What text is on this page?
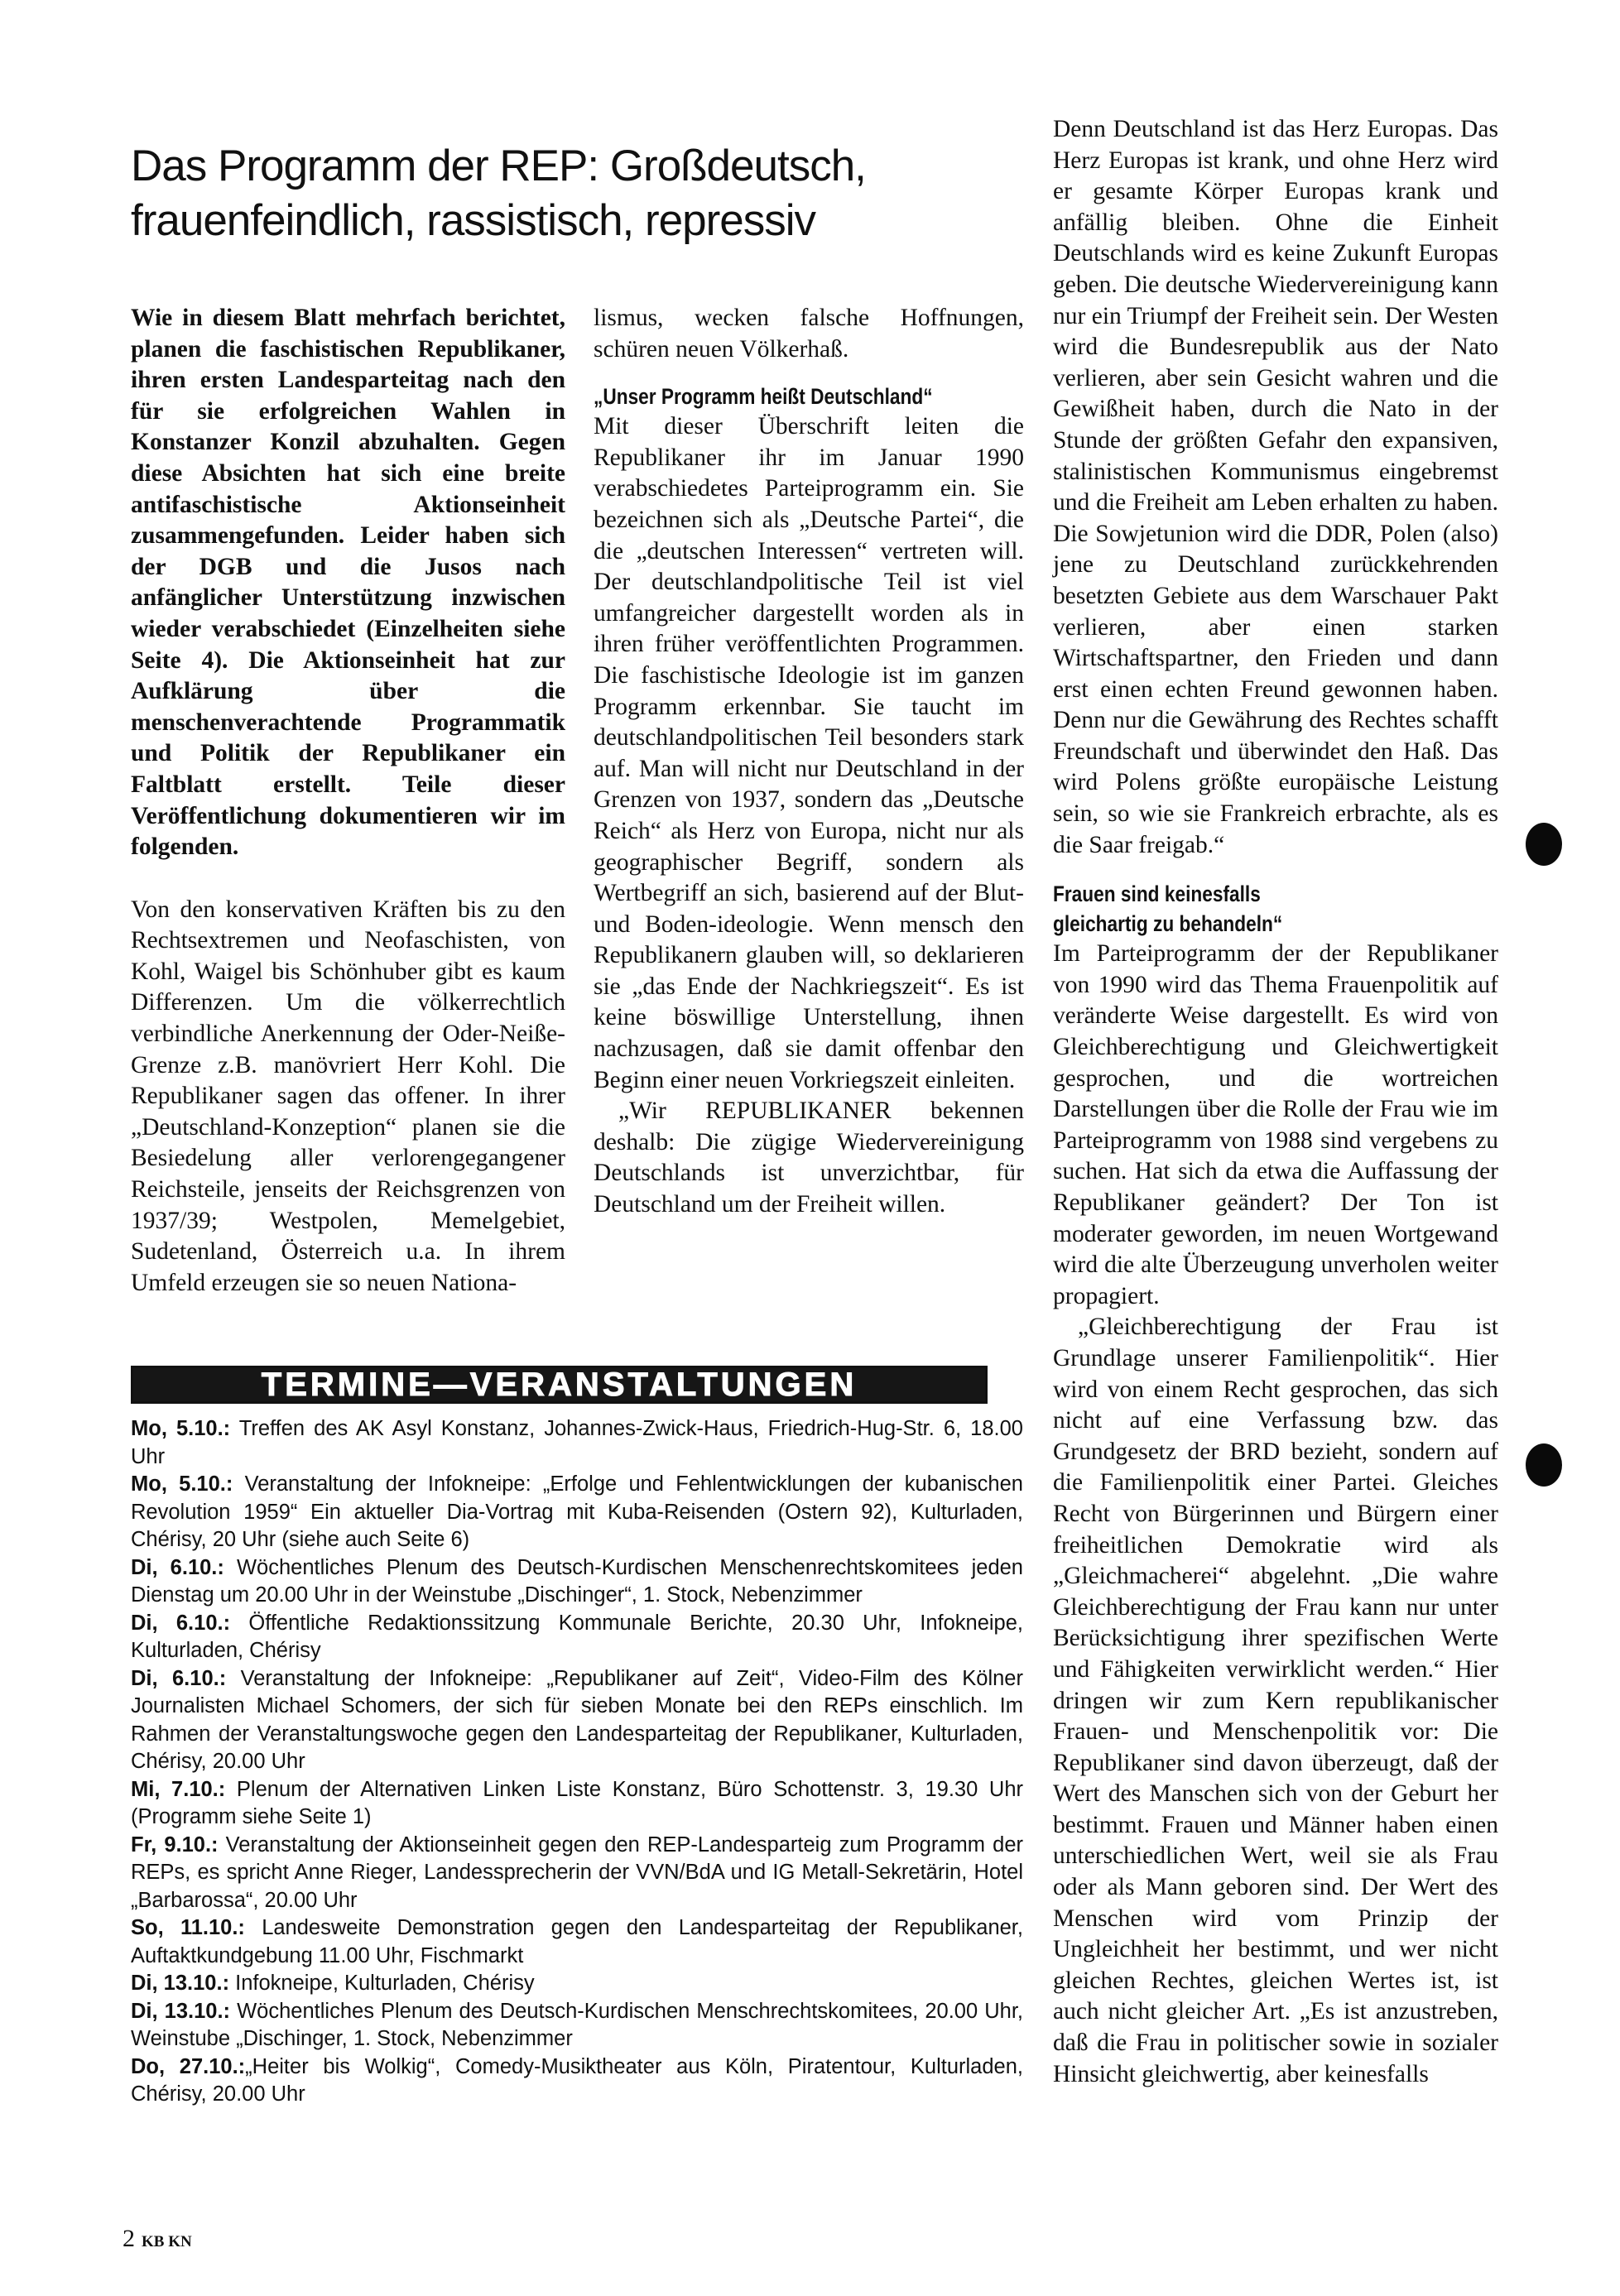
Das Programm der REP: Großdeutsch, frauenfeindlich, rassistisch, repressiv

Wie in diesem Blatt mehrfach berichtet, planen die faschistischen Republikaner, ihren ersten Landesparteitag nach den für sie erfolgreichen Wahlen in Konstanzer Konzil abzuhalten. Gegen diese Absichten hat sich eine breite antifaschistische Aktionseinheit zusammengefunden. Leider haben sich der DGB und die Jusos nach anfänglicher Unterstützung inzwischen wieder verabschiedet (Einzelheiten siehe Seite 4). Die Aktionseinheit hat zur Aufklärung über die menschenverachtende Programmatik und Politik der Republikaner ein Faltblatt erstellt. Teile dieser Veröffentlichung dokumentieren wir im folgenden.

Von den konservativen Kräften bis zu den Rechtsextremen und Neofaschisten, von Kohl, Waigel bis Schönhuber gibt es kaum Differenzen. Um die völkerrechtlich verbindliche Anerkennung der Oder-Neiße-Grenze z.B. manövriert Herr Kohl. Die Republikaner sagen das offener. In ihrer „Deutschland-Konzeption“ planen sie die Besiedelung aller verlorengegangener Reichsteile, jenseits der Reichsgrenzen von 1937/39; Westpolen, Memelgebiet, Sudetenland, Österreich u.a. In ihrem Umfeld erzeugen sie so neuen Nationa-

lismus, wecken falsche Hoffnungen, schüren neuen Völkerhaß.

„Unser Programm heißt Deutschland“

Mit dieser Überschrift leiten die Republikaner ihr im Januar 1990 verabschiedetes Parteiprogramm ein. Sie bezeichnen sich als „Deutsche Partei“, die die „deutschen Interessen“ vertreten will. Der deutschlandpolitische Teil ist viel umfangreicher dargestellt worden als in ihren früher veröffentlichten Programmen. Die faschistische Ideologie ist im ganzen Programm erkennbar. Sie taucht im deutschlandpolitischen Teil besonders stark auf. Man will nicht nur Deutschland in der Grenzen von 1937, sondern das „Deutsche Reich“ als Herz von Europa, nicht nur als geographischer Begriff, sondern als Wertbegriff an sich, basierend auf der Blut- und Boden-ideologie. Wenn mensch den Republikanern glauben will, so deklarieren sie „das Ende der Nachkriegszeit“. Es ist keine böswillige Unterstellung, ihnen nachzusagen, daß sie damit offenbar den Beginn einer neuen Vorkriegszeit einleiten.

„Wir REPUBLIKANER bekennen deshalb: Die zügige Wiedervereinigung Deutschlands ist unverzichtbar, für Deutschland um der Freiheit willen.

Denn Deutschland ist das Herz Europas. Das Herz Europas ist krank, und ohne Herz wird er gesamte Körper Europas krank und anfällig bleiben. Ohne die Einheit Deutschlands wird es keine Zukunft Europas geben. Die deutsche Wiedervereinigung kann nur ein Triumpf der Freiheit sein. Der Westen wird die Bundesrepublik aus der Nato verlieren, aber sein Gesicht wahren und die Gewißheit haben, durch die Nato in der Stunde der größten Gefahr den expansiven, stalinistischen Kommunismus eingebremst und die Freiheit am Leben erhalten zu haben. Die Sowjetunion wird die DDR, Polen (also) jene zu Deutschland zurückkehrenden besetzten Gebiete aus dem Warschauer Pakt verlieren, aber einen starken Wirtschaftspartner, den Frieden und dann erst einen echten Freund gewonnen haben. Denn nur die Gewährung des Rechtes schafft Freundschaft und überwindet den Haß. Das wird Polens größte europäische Leistung sein, so wie sie Frankreich erbrachte, als es die Saar freigab.“

Frauen sind keinesfalls
gleichartig zu behandeln“

Im Parteiprogramm der der Republikaner von 1990 wird das Thema Frauenpolitik auf veränderte Weise dargestellt. Es wird von Gleichberechtigung und Gleichwertigkeit gesprochen, und die wortreichen Darstellungen über die Rolle der Frau wie im Parteiprogramm von 1988 sind vergebens zu suchen. Hat sich da etwa die Auffassung der Republikaner geändert? Der Ton ist moderater geworden, im neuen Wortgewand wird die alte Überzeugung unverholen weiter propagiert.

„Gleichberechtigung der Frau ist Grundlage unserer Familienpolitik“. Hier wird von einem Recht gesprochen, das sich nicht auf eine Verfassung bzw. das Grundgesetz der BRD bezieht, sondern auf die Familienpolitik einer Partei. Gleiches Recht von Bürgerinnen und Bürgern einer freiheitlichen Demokratie wird als „Gleichmacherei“ abgelehnt. „Die wahre Gleichberechtigung der Frau kann nur unter Berücksichtigung ihrer spezifischen Werte und Fähigkeiten verwirklicht werden.“ Hier dringen wir zum Kern republikanischer Frauen- und Menschenpolitik vor: Die Republikaner sind davon überzeugt, daß der Wert des Manschen sich von der Geburt her bestimmt. Frauen und Männer haben einen unterschiedlichen Wert, weil sie als Frau oder als Mann geboren sind. Der Wert des Menschen wird vom Prinzip der Ungleichheit her bestimmt, und wer nicht gleichen Rechtes, gleichen Wertes ist, ist auch nicht gleicher Art. „Es ist anzustreben, daß die Frau in politischer sowie in sozialer Hinsicht gleichwertig, aber keinesfalls

TERMINE—VERANSTALTUNGEN
Mo, 5.10.: Treffen des AK Asyl Konstanz, Johannes-Zwick-Haus, Friedrich-Hug-Str. 6, 18.00 Uhr
Mo, 5.10.: Veranstaltung der Infokneipe: „Erfolge und Fehlentwicklungen der kubanischen Revolution 1959“ Ein aktueller Dia-Vortrag mit Kuba-Reisenden (Ostern 92), Kulturladen, Chérisy, 20 Uhr (siehe auch Seite 6)
Di, 6.10.: Wöchentliches Plenum des Deutsch-Kurdischen Menschenrechtskomitees jeden Dienstag um 20.00 Uhr in der Weinstube „Dischinger“, 1. Stock, Nebenzimmer
Di, 6.10.: Öffentliche Redaktionssitzung Kommunale Berichte, 20.30 Uhr, Infokneipe, Kulturladen, Chérisy
Di, 6.10.: Veranstaltung der Infokneipe: „Republikaner auf Zeit“, Video-Film des Kölner Journalisten Michael Schomers, der sich für sieben Monate bei den REPs einschlich. Im Rahmen der Veranstaltungswoche gegen den Landesparteitag der Republikaner, Kulturladen, Chérisy, 20.00 Uhr
Mi, 7.10.: Plenum der Alternativen Linken Liste Konstanz, Büro Schottenstr. 3, 19.30 Uhr (Programm siehe Seite 1)
Fr, 9.10.: Veranstaltung der Aktionseinheit gegen den REP-Landesparteig zum Programm der REPs, es spricht Anne Rieger, Landessprecherin der VVN/BdA und IG Metall-Sekretärin, Hotel „Barbarossa“, 20.00 Uhr
So, 11.10.: Landesweite Demonstration gegen den Landesparteitag der Republikaner, Auftaktkundgebung 11.00 Uhr, Fischmarkt
Di, 13.10.: Infokneipe, Kulturladen, Chérisy
Di, 13.10.: Wöchentliches Plenum des Deutsch-Kurdischen Menschrechtskomitees, 20.00 Uhr, Weinstube „Dischinger, 1. Stock, Nebenzimmer
Do, 27.10.:„Heiter bis Wolkig“, Comedy-Musiktheater aus Köln, Piratentour, Kulturladen, Chérisy, 20.00 Uhr
2 KB KN
